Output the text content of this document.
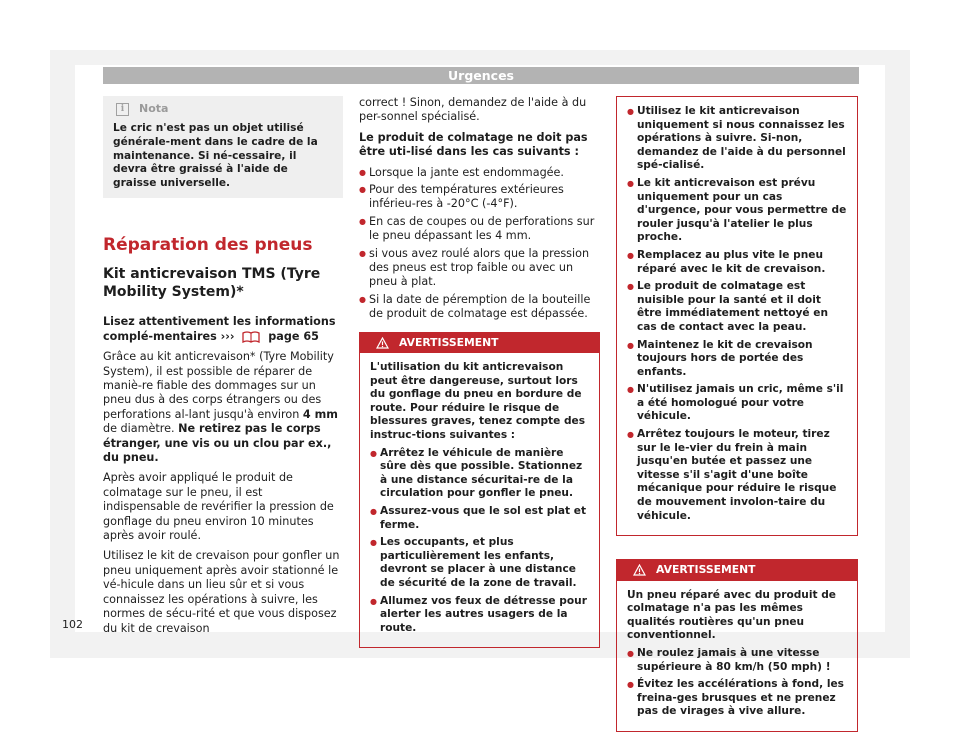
Urgences
i	Nota
Le cric n'est pas un objet utilisé générale-ment dans le cadre de la maintenance. Si né-cessaire, il devra être graissé à l'aide de graisse universelle.
Réparation des pneus
Kit anticrevaison TMS (Tyre Mobility System)*

Lisez attentivement les informations complé-mentaires ›››	page 65

Grâce au kit anticrevaison* (Tyre Mobility System), il est possible de réparer de maniè-re fiable des dommages sur un pneu dus à des corps étrangers ou des perforations al-lant jusqu'à environ 4 mm de diamètre. Ne retirez pas le corps étranger, une vis ou un clou par ex., du pneu.

Après avoir appliqué le produit de colmatage sur le pneu, il est indispensable de revérifier la pression de gonflage du pneu environ 10 minutes après avoir roulé.

Utilisez le kit de crevaison pour gonfler un pneu uniquement après avoir stationné le vé-hicule dans un lieu sûr et si vous connaissez les opérations à suivre, les normes de sécu-rité et que vous disposez du kit de crevaison

correct ! Sinon, demandez de l'aide à du per-sonnel spécialisé.

Le produit de colmatage ne doit pas être uti-lisé dans les cas suivants :

● Lorsque la jante est endommagée.
● Pour des températures extérieures inférieu-res à -20°C (-4°F).
● En cas de coupes ou de perforations sur le pneu dépassant les 4 mm.
● si vous avez roulé alors que la pression des pneus est trop faible ou avec un pneu à plat.
● Si la date de péremption de la bouteille de produit de colmatage est dépassée.
AVERTISSEMENT

L'utilisation du kit anticrevaison peut être dangereuse, surtout lors du gonflage du pneu en bordure de route. Pour réduire le risque de blessures graves, tenez compte des instruc-tions suivantes :

● Arrêtez le véhicule de manière sûre dès que possible. Stationnez à une distance sécuritai-re de la circulation pour gonfler le pneu.
● Assurez-vous que le sol est plat et ferme.
● Les occupants, et plus particulièrement les enfants, devront se placer à une distance de sécurité de la zone de travail.
● Allumez vos feux de détresse pour alerter les autres usagers de la route.
● Utilisez le kit anticrevaison uniquement si nous connaissez les opérations à suivre. Si-non, demandez de l'aide à du personnel spé-cialisé.
● Le kit anticrevaison est prévu uniquement pour un cas d'urgence, pour vous permettre de rouler jusqu'à l'atelier le plus proche.
● Remplacez au plus vite le pneu réparé avec le kit de crevaison.
● Le produit de colmatage est nuisible pour la santé et il doit être immédiatement nettoyé en cas de contact avec la peau.
● Maintenez le kit de crevaison toujours hors de portée des enfants.
● N'utilisez jamais un cric, même s'il a été homologué pour votre véhicule.
● Arrêtez toujours le moteur, tirez sur le le-vier du frein à main jusqu'en butée et passez une vitesse s'il s'agit d'une boîte mécanique pour réduire le risque de mouvement involon-taire du véhicule.
AVERTISSEMENT

Un pneu réparé avec du produit de colmatage n'a pas les mêmes qualités routières qu'un pneu conventionnel.

● Ne roulez jamais à une vitesse supérieure à 80 km/h (50 mph) !
● Évitez les accélérations à fond, les freina-ges brusques et ne prenez pas de virages à vive allure.
102
